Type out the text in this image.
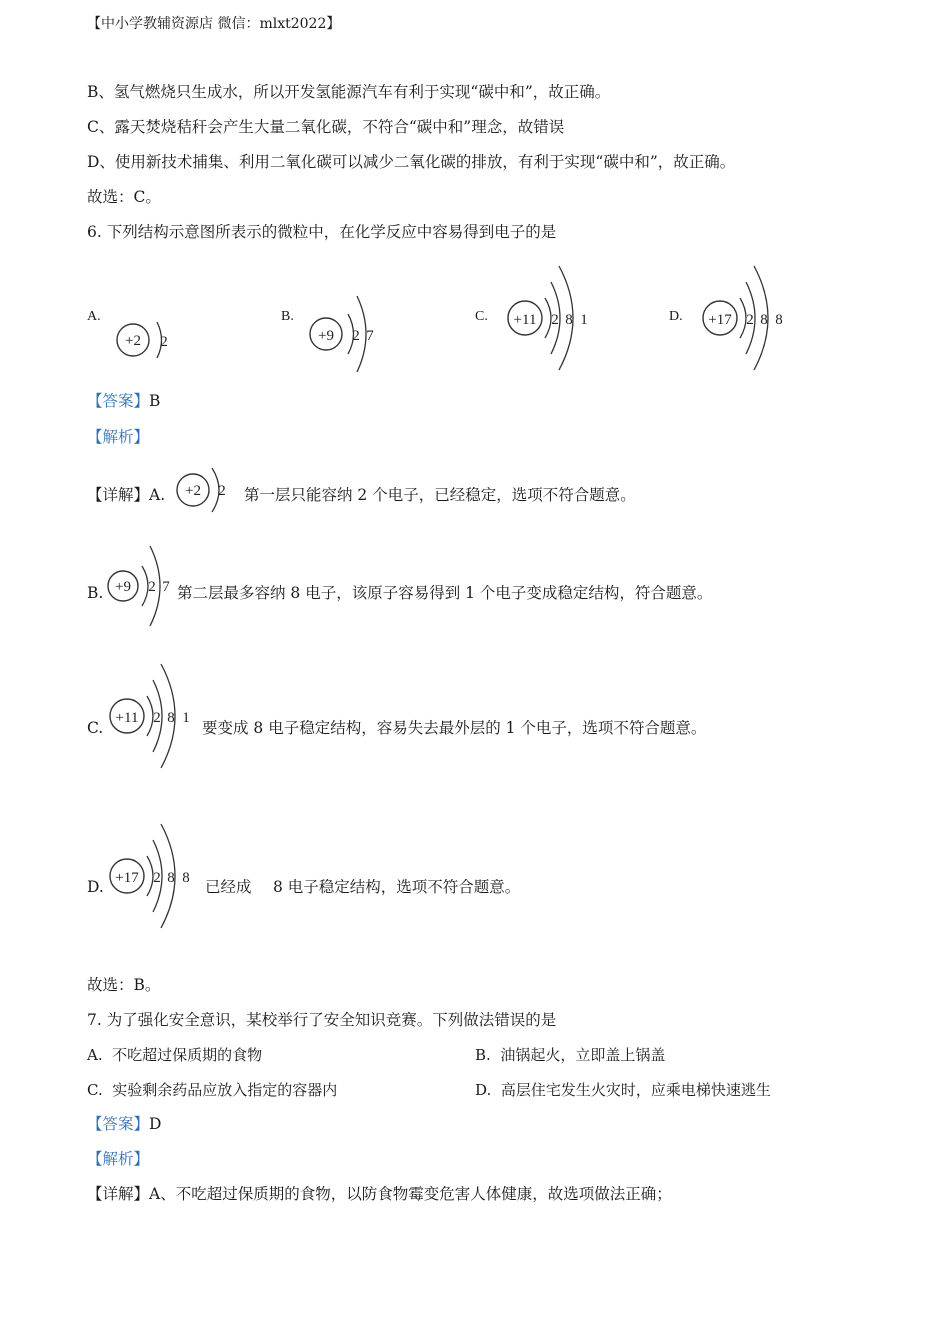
【中小学教辅资源店 微信：mlxt2022】
B、氢气燃烧只生成水，所以开发氢能源汽车有利于实现“碳中和”，故正确。
C、露天焚烧秸秆会产生大量二氧化碳，不符合“碳中和”理念，故错误
D、使用新技术捕集、利用二氧化碳可以减少二氧化碳的排放，有利于实现“碳中和”，故正确。
故选：C。
6. 下列结构示意图所表示的微粒中，在化学反应中容易得到电子的是
A.	B.	C.	D.
+2 2	+9 2 7
+11 2 8 1	+17 2 8 8
【答案】B
【解析】
【详解】A. +2 2 第一层只能容纳 2 个电子，已经稳定，选项不符合题意。
B. +9 2 7 第二层最多容纳 8 电子，该原子容易得到 1 个电子变成稳定结构，符合题意。
C.
+11 2 8 1
要变成 8 电子稳定结构，容易失去最外层的 1 个电子，选项不符合题意。
D. +17 2 8 8 已经成 8 电子稳定结构，选项不符合题意。
故选：B。
7. 为了强化安全意识，某校举行了安全知识竞赛。下列做法错误的是
A. 不吃超过保质期的食物	B. 油锅起火，立即盖上锅盖
C. 实验剩余药品应放入指定的容器内	D. 高层住宅发生火灾时，应乘电梯快速逃生
【答案】D
【解析】
【详解】A、不吃超过保质期的食物，以防食物霉变危害人体健康，故选项做法正确；
